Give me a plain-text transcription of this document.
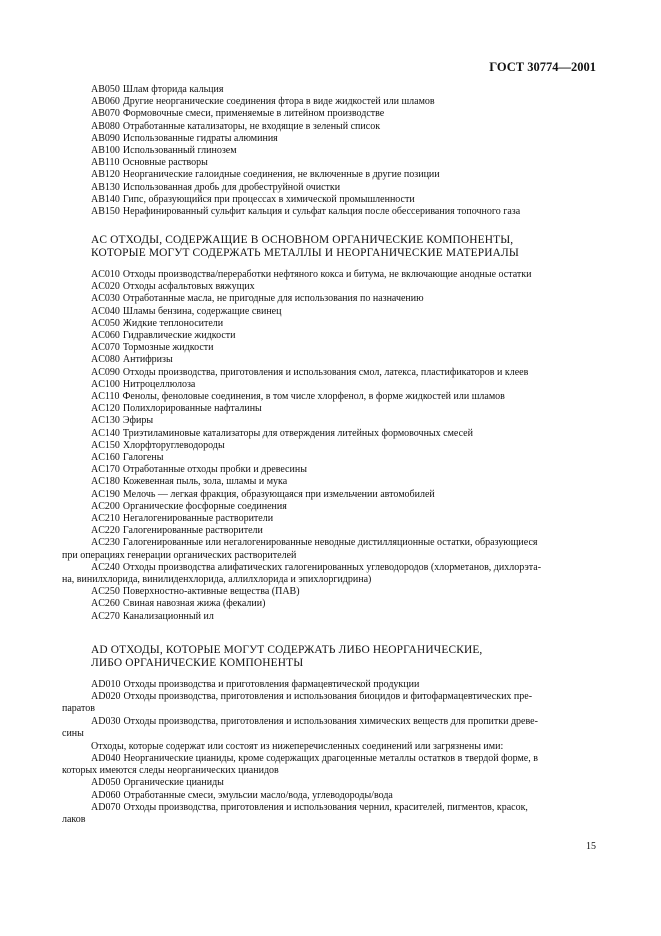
ГОСТ 30774—2001
AB050 Шлам фторида кальция
AB060 Другие неорганические соединения фтора в виде жидкостей или шламов
AB070 Формовочные смеси, применяемые в литейном производстве
AB080 Отработанные катализаторы, не входящие в зеленый список
AB090 Использованные гидраты алюминия
AB100 Использованный глинозем
AB110 Основные растворы
AB120 Неорганические галоидные соединения, не включенные в другие позиции
AB130 Использованная дробь для дробеструйной очистки
AB140 Гипс, образующийся при процессах в химической промышленности
AB150 Нерафинированный сульфит кальция и сульфат кальция после обессеривания топочного газа
AC ОТХОДЫ, СОДЕРЖАЩИЕ В ОСНОВНОМ ОРГАНИЧЕСКИЕ КОМПОНЕНТЫ,
КОТОРЫЕ МОГУТ СОДЕРЖАТЬ МЕТАЛЛЫ И НЕОРГАНИЧЕСКИЕ МАТЕРИАЛЫ
AC010 Отходы производства/переработки нефтяного кокса и битума, не включающие анодные остатки
AC020 Отходы асфальтовых вяжущих
AC030 Отработанные масла, не пригодные для использования по назначению
AC040 Шламы бензина, содержащие свинец
AC050 Жидкие теплоносители
AC060 Гидравлические жидкости
AC070 Тормозные жидкости
AC080 Антифризы
AC090 Отходы производства, приготовления и использования смол, латекса, пластификаторов и клеев
AC100 Нитроцеллюлоза
AC110 Фенолы, феноловые соединения, в том числе хлорфенол, в форме жидкостей или шламов
AC120 Полихлорированные нафталины
AC130 Эфиры
AC140 Триэтиламиновые катализаторы для отверждения литейных формовочных смесей
AC150 Хлорфторуглеводороды
AC160 Галогены
AC170 Отработанные отходы пробки и древесины
AC180 Кожевенная пыль, зола, шламы и мука
AC190 Мелочь — легкая фракция, образующаяся при измельчении автомобилей
AC200 Органические фосфорные соединения
AC210 Негалогенированные растворители
AC220 Галогенированные растворители
AC230 Галогенированные или негалогенированные неводные дистилляционные остатки, образующиеся
при операциях генерации органических растворителей
AC240 Отходы производства алифатических галогенированных углеводородов (хлорметанов, дихлорэта-
на, винилхлорида, винилиденхлорида, аллилхлорида и эпихлоргидрина)
AC250 Поверхностно-активные вещества (ПАВ)
AC260 Свиная навозная жижа (фекалии)
AC270 Канализационный ил
AD ОТХОДЫ, КОТОРЫЕ МОГУТ СОДЕРЖАТЬ ЛИБО НЕОРГАНИЧЕСКИЕ,
ЛИБО ОРГАНИЧЕСКИЕ КОМПОНЕНТЫ
AD010 Отходы производства и приготовления фармацевтической продукции
AD020 Отходы производства, приготовления и использования биоцидов и фитофармацевтических пре-
паратов
AD030 Отходы производства, приготовления и использования химических веществ для пропитки древе-
сины
Отходы, которые содержат или состоят из нижеперечисленных соединений или загрязнены ими:
AD040 Неорганические цианиды, кроме содержащих драгоценные металлы остатков в твердой форме, в
которых имеются следы неорганических цианидов
AD050 Органические цианиды
AD060 Отработанные смеси, эмульсии масло/вода, углеводороды/вода
AD070 Отходы производства, приготовления и использования чернил, красителей, пигментов, красок,
лаков
15
